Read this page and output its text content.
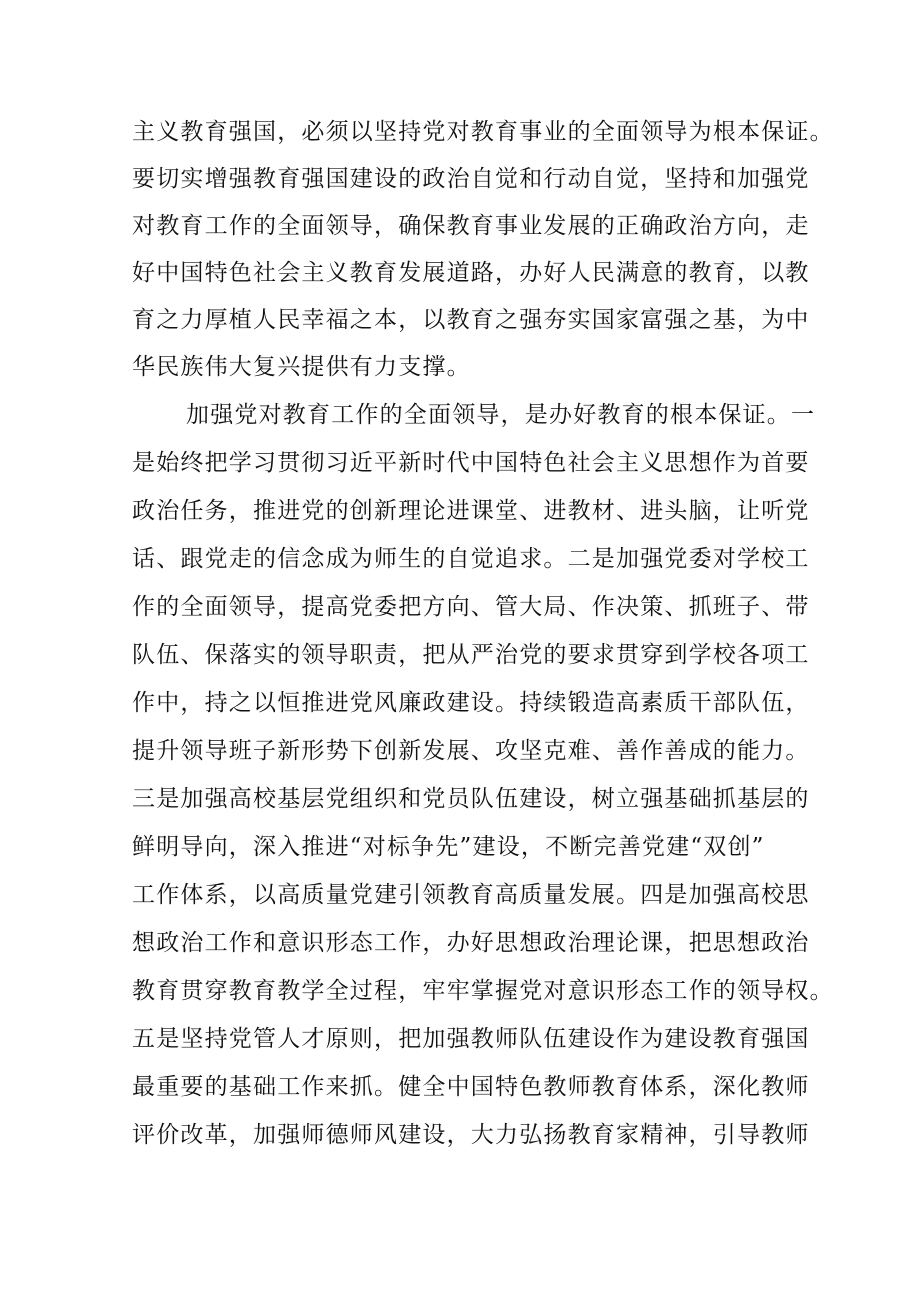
主义教育强国，必须以坚持党对教育事业的全面领导为根本保证。
要切实增强教育强国建设的政治自觉和行动自觉，坚持和加强党
对教育工作的全面领导，确保教育事业发展的正确政治方向，走
好中国特色社会主义教育发展道路，办好人民满意的教育，以教
育之力厚植人民幸福之本，以教育之强夯实国家富强之基，为中
华民族伟大复兴提供有力支撑。
加强党对教育工作的全面领导，是办好教育的根本保证。一
是始终把学习贯彻习近平新时代中国特色社会主义思想作为首要
政治任务，推进党的创新理论进课堂、进教材、进头脑，让听党
话、跟党走的信念成为师生的自觉追求。二是加强党委对学校工
作的全面领导，提高党委把方向、管大局、作决策、抓班子、带
队伍、保落实的领导职责，把从严治党的要求贯穿到学校各项工
作中，持之以恒推进党风廉政建设。持续锻造高素质干部队伍，
提升领导班子新形势下创新发展、攻坚克难、善作善成的能力。
三是加强高校基层党组织和党员队伍建设，树立强基础抓基层的
鲜明导向，深入推进“对标争先”建设，不断完善党建“双创”
工作体系，以高质量党建引领教育高质量发展。四是加强高校思
想政治工作和意识形态工作，办好思想政治理论课，把思想政治
教育贯穿教育教学全过程，牢牢掌握党对意识形态工作的领导权。
五是坚持党管人才原则，把加强教师队伍建设作为建设教育强国
最重要的基础工作来抓。健全中国特色教师教育体系，深化教师
评价改革，加强师德师风建设，大力弘扬教育家精神，引导教师
